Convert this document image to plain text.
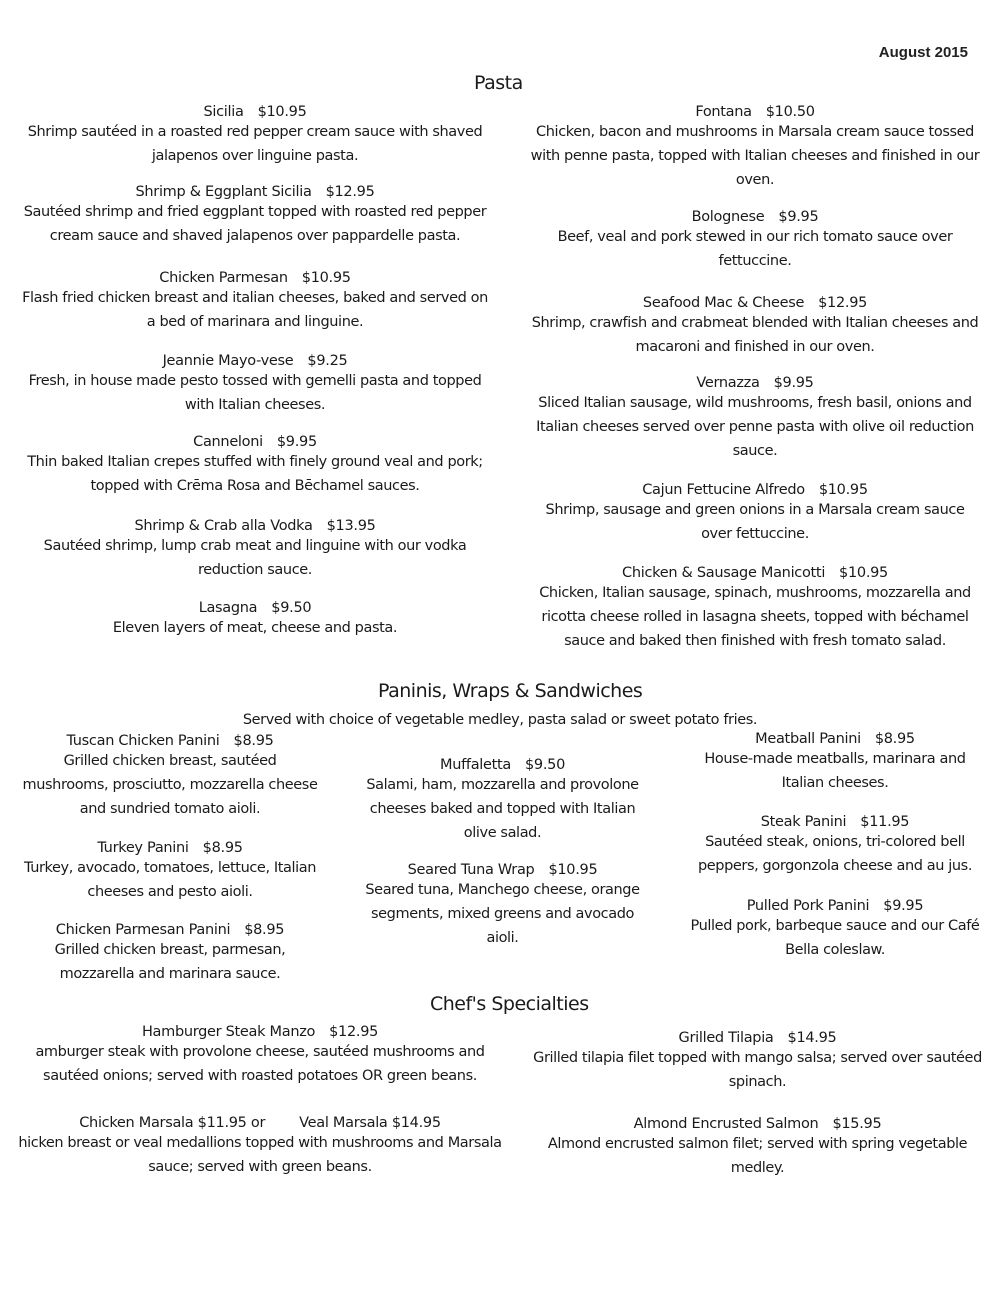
August 2015
Pasta
Sicilia $10.95
Shrimp sautéed in a roasted red pepper cream sauce with shaved jalapenos over linguine pasta.
Shrimp & Eggplant Sicilia $12.95
Sautéed shrimp and fried eggplant topped with roasted red pepper cream sauce and shaved jalapenos over pappardelle pasta.
Chicken Parmesan $10.95
Flash fried chicken breast and italian cheeses, baked and served on a bed of marinara and linguine.
Jeannie Mayo-vese $9.25
Fresh, in house made pesto tossed with gemelli pasta and topped with Italian cheeses.
Canneloni $9.95
Thin baked Italian crepes stuffed with finely ground veal and pork; topped with Crēma Rosa and Bēchamel sauces.
Shrimp & Crab alla Vodka $13.95
Sautéed shrimp, lump crab meat and linguine with our vodka reduction sauce.
Lasagna $9.50
Eleven layers of meat, cheese and pasta.
Fontana $10.50
Chicken, bacon and mushrooms in Marsala cream sauce tossed with penne pasta, topped with Italian cheeses and finished in our oven.
Bolognese $9.95
Beef, veal and pork stewed in our rich tomato sauce over fettuccine.
Seafood Mac & Cheese $12.95
Shrimp, crawfish and crabmeat blended with Italian cheeses and macaroni and finished in our oven.
Vernazza $9.95
Sliced Italian sausage, wild mushrooms, fresh basil, onions and Italian cheeses served over penne pasta with olive oil reduction sauce.
Cajun Fettucine Alfredo $10.95
Shrimp, sausage and green onions in a Marsala cream sauce over fettuccine.
Chicken & Sausage Manicotti $10.95
Chicken, Italian sausage, spinach, mushrooms, mozzarella and ricotta cheese rolled in lasagna sheets, topped with béchamel sauce and baked then finished with fresh tomato salad.
Paninis, Wraps & Sandwiches
Served with choice of vegetable medley, pasta salad or sweet potato fries.
Tuscan Chicken Panini $8.95
Grilled chicken breast, sautéed mushrooms, prosciutto, mozzarella cheese and sundried tomato aioli.
Turkey Panini $8.95
Turkey, avocado, tomatoes, lettuce, Italian cheeses and pesto aioli.
Chicken Parmesan Panini $8.95
Grilled chicken breast, parmesan, mozzarella and marinara sauce.
Muffaletta $9.50
Salami, ham, mozzarella and provolone cheeses baked and topped with Italian olive salad.
Seared Tuna Wrap $10.95
Seared tuna, Manchego cheese, orange segments, mixed greens and avocado aioli.
Meatball Panini $8.95
House-made meatballs, marinara and Italian cheeses.
Steak Panini $11.95
Sautéed steak, onions, tri-colored bell peppers, gorgonzola cheese and au jus.
Pulled Pork Panini $9.95
Pulled pork, barbeque sauce and our Café Bella coleslaw.
Chef's Specialties
Hamburger Steak Manzo $12.95
amburger steak with provolone cheese, sautéed mushrooms and sautéed onions; served with roasted potatoes OR green beans.
Chicken Marsala $11.95 or Veal Marsala $14.95
hicken breast or veal medallions topped with mushrooms and Marsala sauce; served with green beans.
Grilled Tilapia $14.95
Grilled tilapia filet topped with mango salsa; served over sautéed spinach.
Almond Encrusted Salmon $15.95
Almond encrusted salmon filet; served with spring vegetable medley.
